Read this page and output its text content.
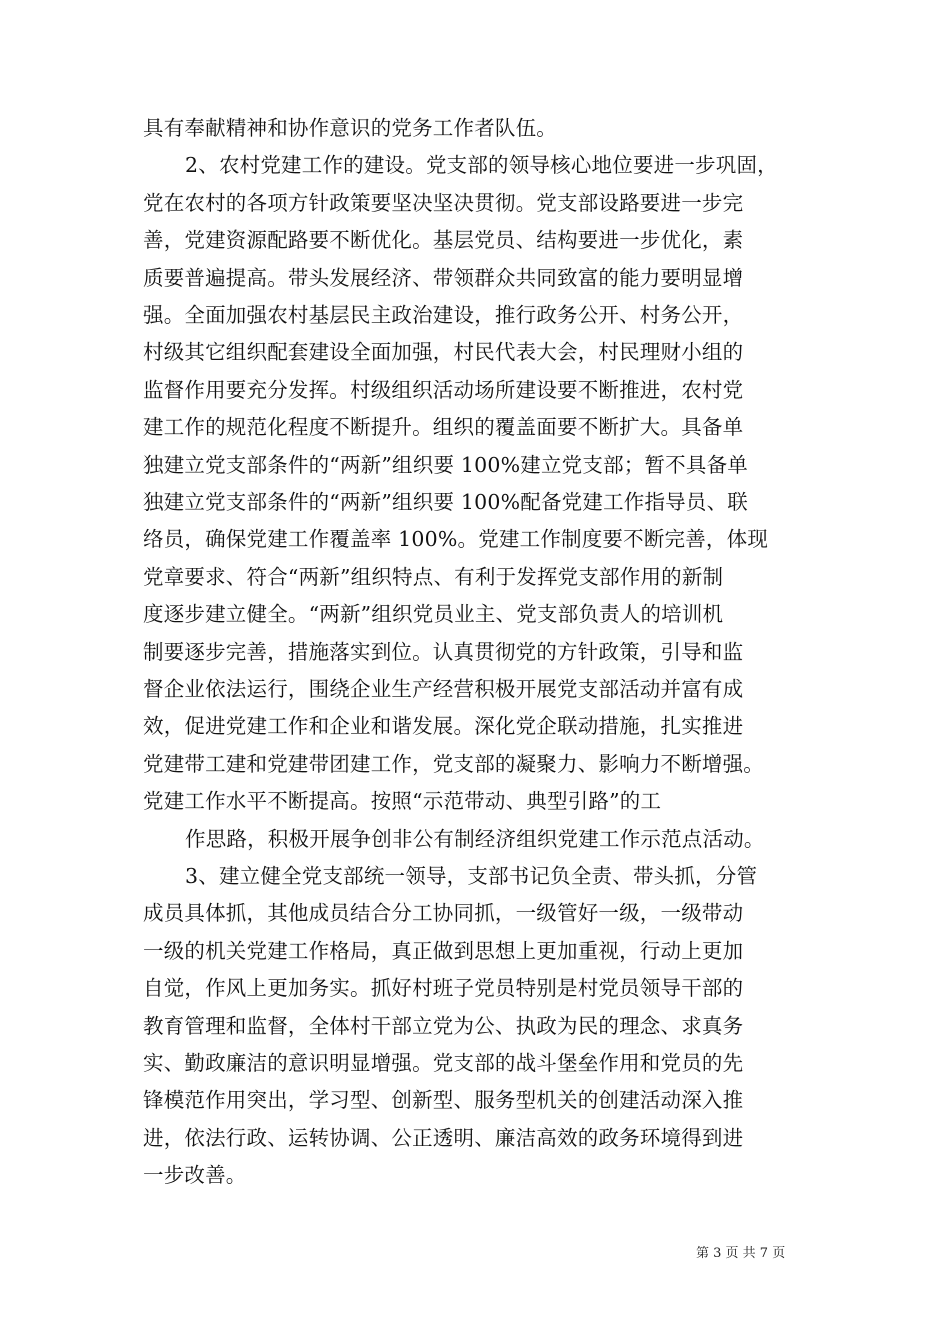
具有奉献精神和协作意识的党务工作者队伍。
2、农村党建工作的建设。党支部的领导核心地位要进一步巩固，
党在农村的各项方针政策要坚决坚决贯彻。党支部设路要进一步完
善，党建资源配路要不断优化。基层党员、结构要进一步优化，素
质要普遍提高。带头发展经济、带领群众共同致富的能力要明显增
强。全面加强农村基层民主政治建设，推行政务公开、村务公开，
村级其它组织配套建设全面加强，村民代表大会，村民理财小组的
监督作用要充分发挥。村级组织活动场所建设要不断推进，农村党
建工作的规范化程度不断提升。组织的覆盖面要不断扩大。具备单
独建立党支部条件的“两新”组织要 100%建立党支部；暂不具备单
独建立党支部条件的“两新”组织要 100%配备党建工作指导员、联
络员，确保党建工作覆盖率 100%。党建工作制度要不断完善，体现
党章要求、符合“两新”组织特点、有利于发挥党支部作用的新制
度逐步建立健全。“两新”组织党员业主、党支部负责人的培训机
制要逐步完善，措施落实到位。认真贯彻党的方针政策，引导和监
督企业依法运行，围绕企业生产经营积极开展党支部活动并富有成
效，促进党建工作和企业和谐发展。深化党企联动措施，扎实推进
党建带工建和党建带团建工作，党支部的凝聚力、影响力不断增强。
党建工作水平不断提高。按照“示范带动、典型引路”的工
作思路，积极开展争创非公有制经济组织党建工作示范点活动。
3、建立健全党支部统一领导，支部书记负全责、带头抓，分管
成员具体抓，其他成员结合分工协同抓，一级管好一级，一级带动
一级的机关党建工作格局，真正做到思想上更加重视，行动上更加
自觉，作风上更加务实。抓好村班子党员特别是村党员领导干部的
教育管理和监督，全体村干部立党为公、执政为民的理念、求真务
实、勤政廉洁的意识明显增强。党支部的战斗堡垒作用和党员的先
锋模范作用突出，学习型、创新型、服务型机关的创建活动深入推
进，依法行政、运转协调、公正透明、廉洁高效的政务环境得到进
一步改善。
第 3 页 共 7 页
